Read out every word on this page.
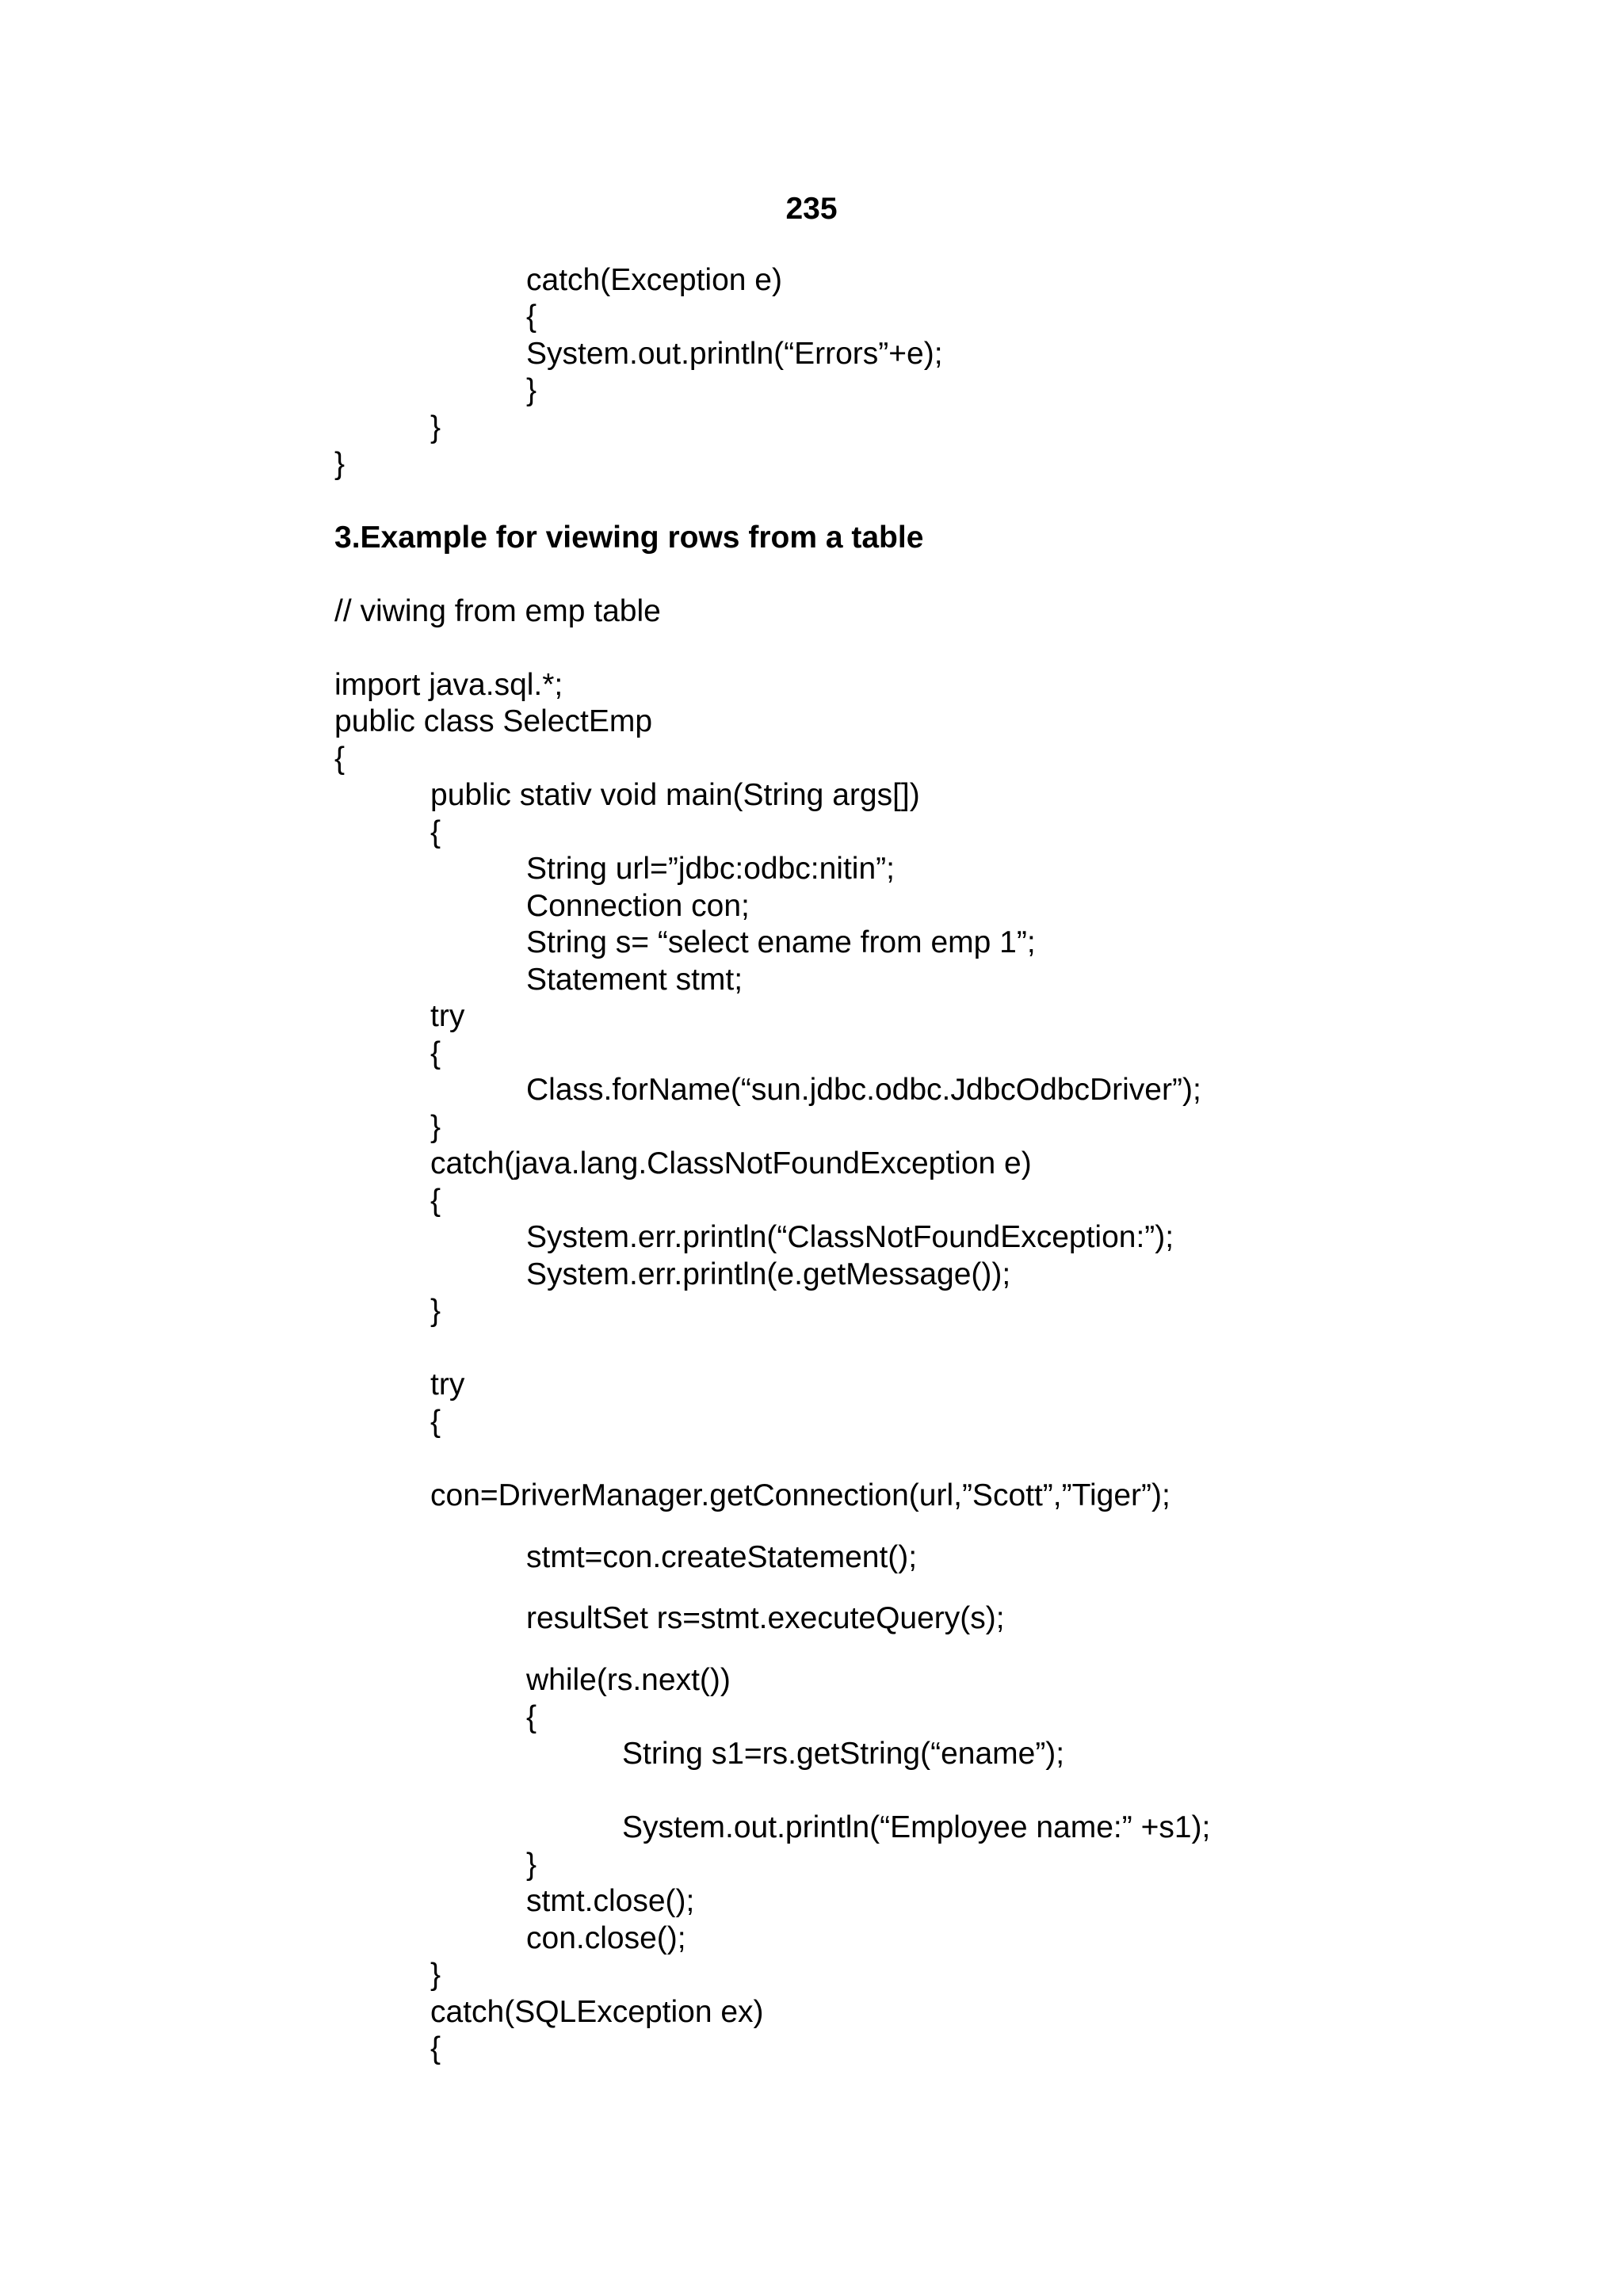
235
catch(Exception e)
{
System.out.println(“Errors”+e);
}
}
}
3.Example for viewing rows from a table
// viwing from emp table
import java.sql.*;
public class SelectEmp
{
public stativ void main(String args[])
{
String url=”jdbc:odbc:nitin”;
Connection con;
String s= “select ename from emp 1”;
Statement stmt;
try
{
Class.forName(“sun.jdbc.odbc.JdbcOdbcDriver”);
}
catch(java.lang.ClassNotFoundException e)
{
System.err.println(“ClassNotFoundException:”);
System.err.println(e.getMessage());
}
try
{
con=DriverManager.getConnection(url,”Scott”,”Tiger”);
stmt=con.createStatement();
resultSet rs=stmt.executeQuery(s);
while(rs.next())
{
String s1=rs.getString(“ename”);
System.out.println(“Employee name:” +s1);
}
stmt.close();
con.close();
}
catch(SQLException ex)
{
